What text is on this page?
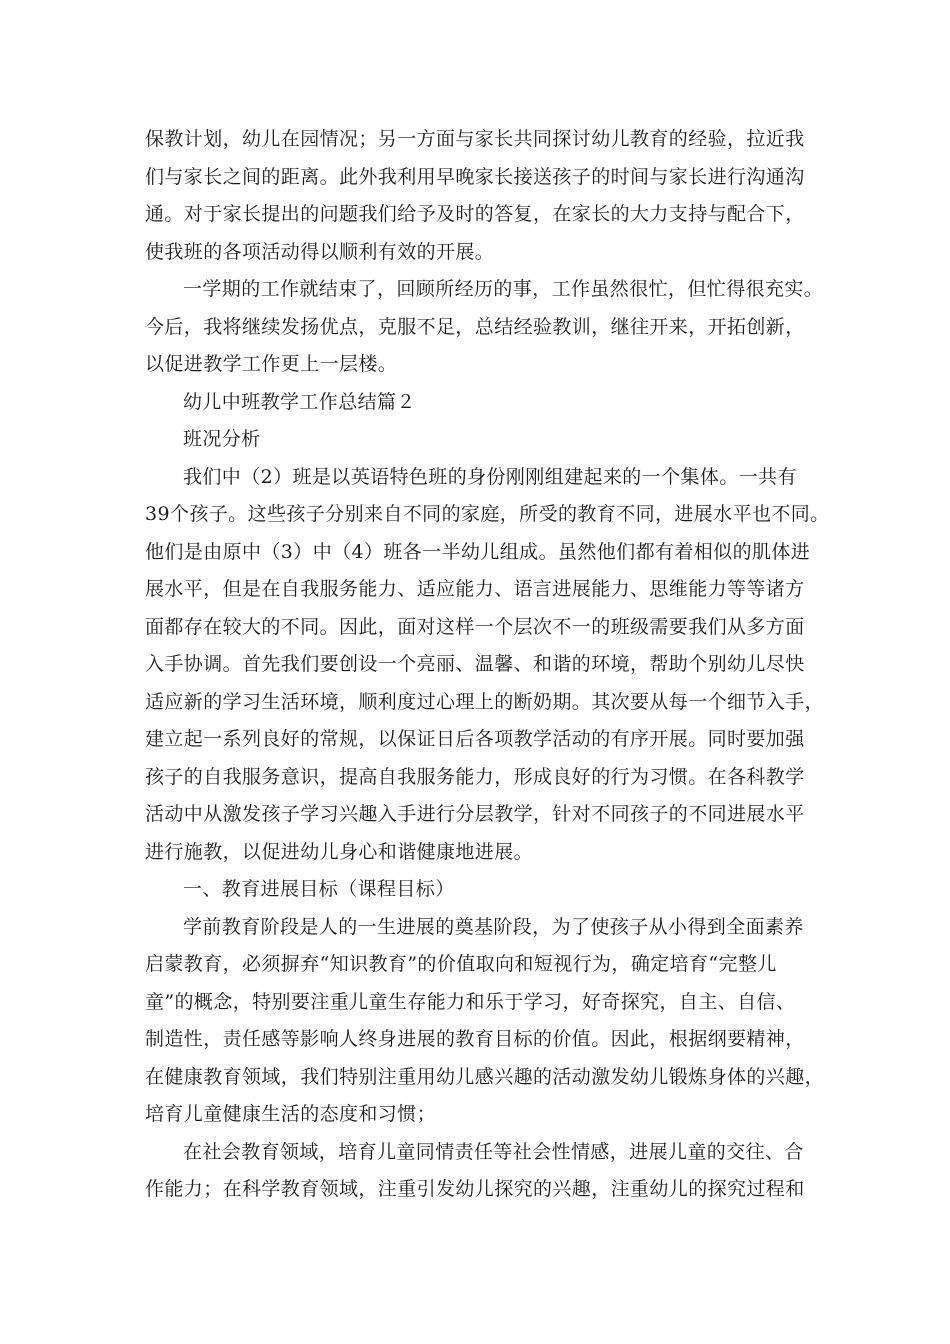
保教计划，幼儿在园情况；另一方面与家长共同探讨幼儿教育的经验，拉近我
们与家长之间的距离。此外我利用早晚家长接送孩子的时间与家长进行沟通沟
通。对于家长提出的问题我们给予及时的答复，在家长的大力支持与配合下，
使我班的各项活动得以顺利有效的开展。
一学期的工作就结束了，回顾所经历的事，工作虽然很忙，但忙得很充实。
今后，我将继续发扬优点，克服不足，总结经验教训，继往开来，开拓创新，
以促进教学工作更上一层楼。
幼儿中班教学工作总结篇２
班况分析
我们中（2）班是以英语特色班的身份刚刚组建起来的一个集体。一共有
39个孩子。这些孩子分别来自不同的家庭，所受的教育不同，进展水平也不同。
他们是由原中（3）中（4）班各一半幼儿组成。虽然他们都有着相似的肌体进
展水平，但是在自我服务能力、适应能力、语言进展能力、思维能力等等诸方
面都存在较大的不同。因此，面对这样一个层次不一的班级需要我们从多方面
入手协调。首先我们要创设一个亮丽、温馨、和谐的环境，帮助个别幼儿尽快
适应新的学习生活环境，顺利度过心理上的断奶期。其次要从每一个细节入手，
建立起一系列良好的常规，以保证日后各项教学活动的有序开展。同时要加强
孩子的自我服务意识，提高自我服务能力，形成良好的行为习惯。在各科教学
活动中从激发孩子学习兴趣入手进行分层教学，针对不同孩子的不同进展水平
进行施教，以促进幼儿身心和谐健康地进展。
一、教育进展目标（课程目标）
学前教育阶段是人的一生进展的奠基阶段，为了使孩子从小得到全面素养
启蒙教育，必须摒弃“知识教育”的价值取向和短视行为，确定培育“完整儿
童”的概念，特别要注重儿童生存能力和乐于学习，好奇探究，自主、自信、
制造性，责任感等影响人终身进展的教育目标的价值。因此，根据纲要精神，
在健康教育领域，我们特别注重用幼儿感兴趣的活动激发幼儿锻炼身体的兴趣，
培育儿童健康生活的态度和习惯；
在社会教育领域，培育儿童同情责任等社会性情感，进展儿童的交往、合
作能力；在科学教育领域，注重引发幼儿探究的兴趣，注重幼儿的探究过程和
